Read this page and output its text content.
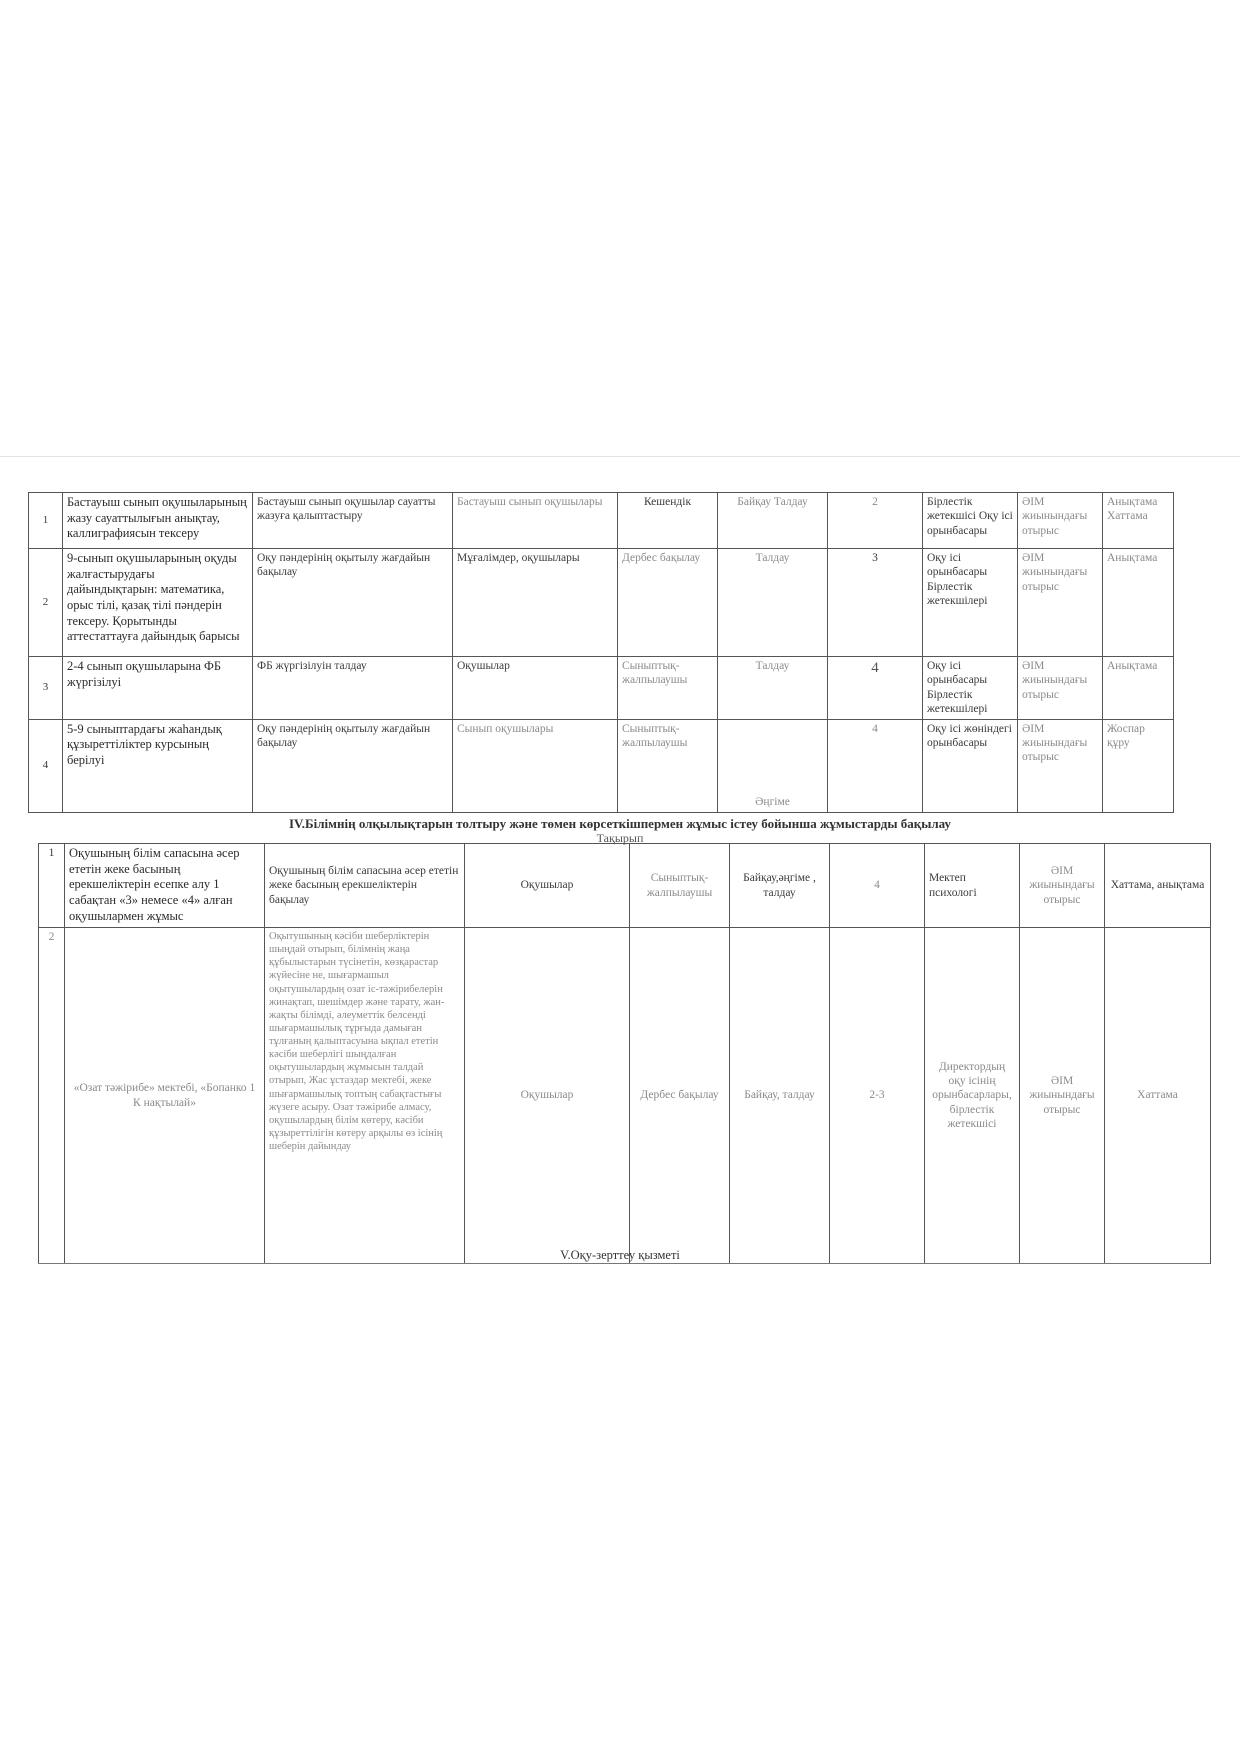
1	Бастауыш сынып оқушыларының жазу сауаттылығын анықтау, каллиграфиясын тексеру	Бастауыш сынып оқушылар сауатты жазуға қалыптастыру	Бастауыш сынып оқушылары	Кешендік	Байқау Талдау	2	Бірлестік жетекшісі Оқу ісі орынбасары	ӘІМ жиынындағы отырыс	Анықтама Хаттама
2	9-сынып оқушыларының оқуды жалғастырудағы дайындықтарын: математика, орыс тілі, қазақ тілі пәндерін тексеру. Қорытынды аттестаттауға дайындық барысы	Оқу пәндерінің оқытылу жағдайын бақылау	Мұғалімдер, оқушылары	Дербес бақылау	Талдау	3	Оқу ісі орынбасары Бірлестік жетекшілері	ӘІМ жиынындағы отырыс	Анықтама
3	2-4 сынып оқушыларына ФБ жүргізілуі	ФБ жүргізілуін талдау	Оқушылар	Сыныптық-жалпылаушы	Талдау	4	Оқу ісі орынбасары Бірлестік жетекшілері	ӘІМ жиынындағы отырыс	Анықтама
4	5-9 сыныптардағы жаһандық құзыреттіліктер курсының берілуі	Оқу пәндерінің оқытылу жағдайын бақылау	Сынып оқушылары	Сыныптық-жалпылаушы	Әңгіме	4	Оқу ісі жөніндегі орынбасары	ӘІМ жиынындағы отырыс	Жоспар құру
IV.Білімнің олқылықтарын толтыру және төмен көрсеткішпермен жұмыс істеу бойынша жұмыстарды бақылау
Тақырып
1	Оқушының білім сапасына әсер ететін жеке басының ерекшеліктерін есепке алу 1 сабақтан «3» немесе «4» алған оқушылармен жұмыс	Оқушының білім сапасына әсер ететін жеке басының ерекшеліктерін бақылау	Оқушылар	Сыныптық-жалпылаушы	Байқау,әңгіме , талдау	4	Мектеп психологі	ӘІМ жиынындағы отырыс	Хаттама, анықтама
2	«Озат тәжірибе» мектебі, «Бопанко 1 К нақтылай»	Оқытушының кәсіби шеберліктерін шыңдай отырып, білімнің жаңа құбылыстарын түсінетін, көзқарастар жүйесіне не, шығармашыл оқытушылардың озат іс-тәжірибелерін жинақтап, шешімдер және тарату, жан-жақты білімді, әлеуметтік белсенді шығармашылық тұрғыда дамыған тұлғаның қалыптасуына ықпал ететін кәсіби шеберлігі шыңдалған оқытушылардың жұмысын талдай отырып, Жас ұстаздар мектебі, жеке шығармашылық топтың сабақтастығы жүзеге асыру. Озат тәжірибе алмасу, оқушылардың білім көтеру, кәсіби құзыреттілігін көтеру арқылы өз ісінің шеберін дайындау	Оқушылар	Дербес бақылау	Байқау, талдау	2-3	Директордың оқу ісінің орынбасарлары, бірлестік жетекшісі	ӘІМ жиынындағы отырыс	Хаттама
V.Оқу-зерттеу қызметі
